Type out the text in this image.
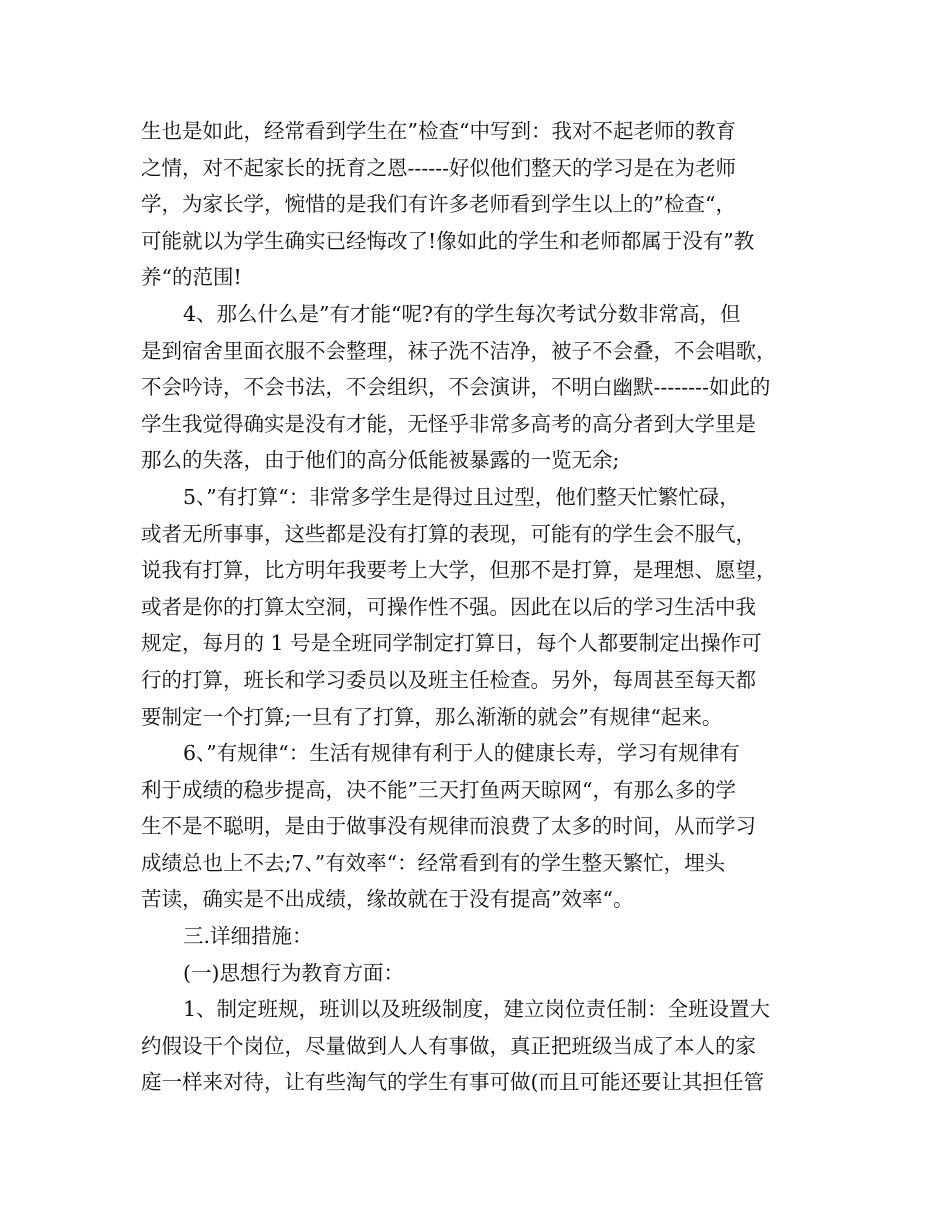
生也是如此，经常看到学生在”检查“中写到：我对不起老师的教育
之情，对不起家长的抚育之恩------好似他们整天的学习是在为老师
学，为家长学，惋惜的是我们有许多老师看到学生以上的”检查“，
可能就以为学生确实已经悔改了!像如此的学生和老师都属于没有”教
养“的范围!
4、那么什么是”有才能“呢?有的学生每次考试分数非常高，但
是到宿舍里面衣服不会整理，袜子洗不洁净，被子不会叠，不会唱歌，
不会吟诗，不会书法，不会组织，不会演讲，不明白幽默--------如此的
学生我觉得确实是没有才能，无怪乎非常多高考的高分者到大学里是
那么的失落，由于他们的高分低能被暴露的一览无余;
5、”有打算“：非常多学生是得过且过型，他们整天忙繁忙碌，
或者无所事事，这些都是没有打算的表现，可能有的学生会不服气，
说我有打算，比方明年我要考上大学，但那不是打算，是理想、愿望，
或者是你的打算太空洞，可操作性不强。因此在以后的学习生活中我
规定，每月的 1 号是全班同学制定打算日，每个人都要制定出操作可
行的打算，班长和学习委员以及班主任检查。另外，每周甚至每天都
要制定一个打算;一旦有了打算，那么渐渐的就会”有规律“起来。
6、”有规律“：生活有规律有利于人的健康长寿，学习有规律有
利于成绩的稳步提高，决不能”三天打鱼两天晾网“，有那么多的学
生不是不聪明，是由于做事没有规律而浪费了太多的时间，从而学习
成绩总也上不去;7、”有效率“：经常看到有的学生整天繁忙，埋头
苦读，确实是不出成绩，缘故就在于没有提高”效率“。
三.详细措施：
(一)思想行为教育方面：
1、制定班规，班训以及班级制度，建立岗位责任制：全班设置大
约假设干个岗位，尽量做到人人有事做，真正把班级当成了本人的家
庭一样来对待，让有些淘气的学生有事可做(而且可能还要让其担任管
